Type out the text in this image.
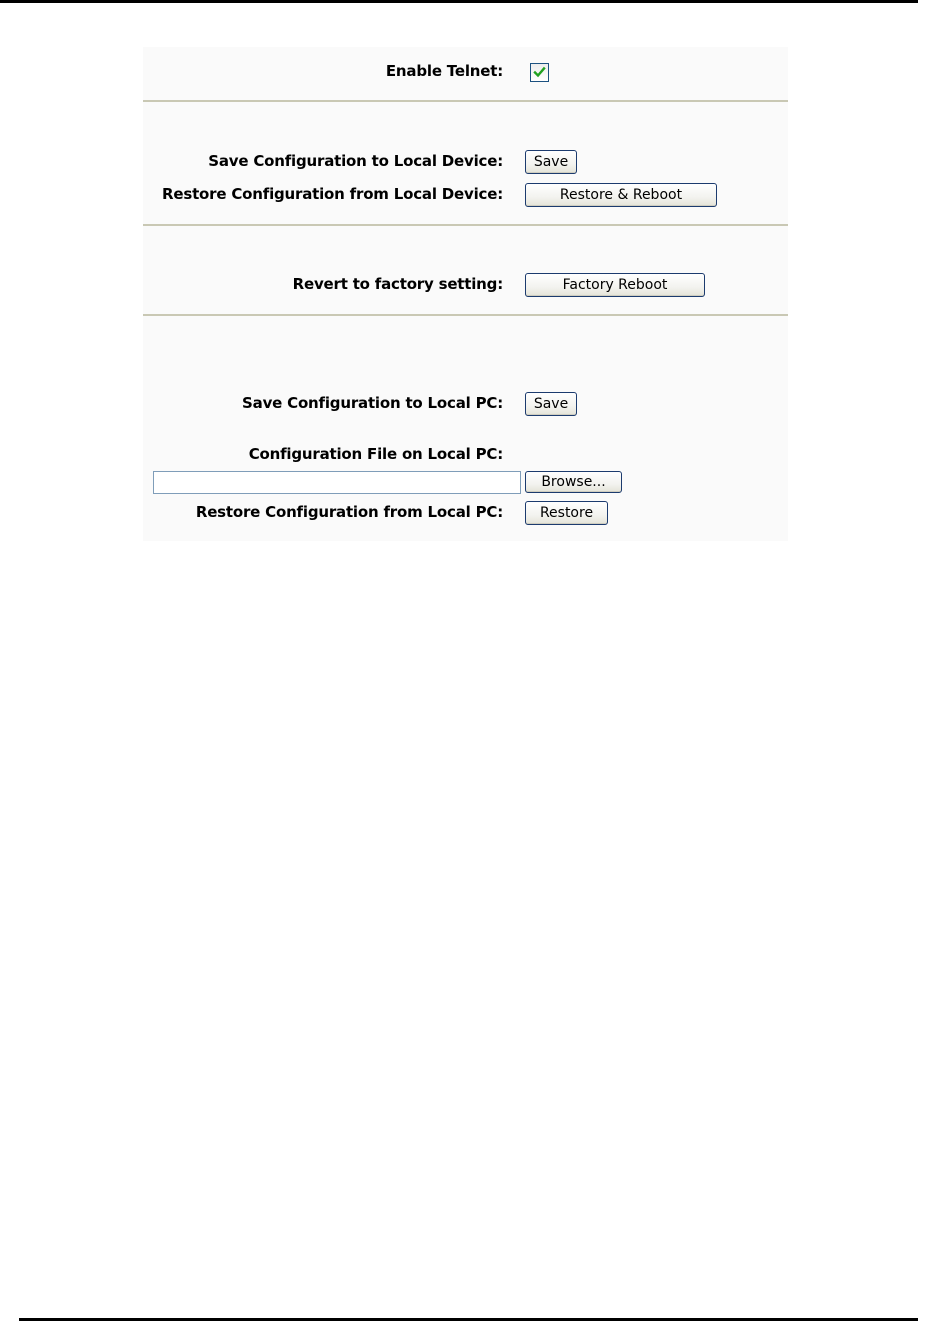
Enable Telnet:
Save Configuration to Local Device:	Save
Restore Configuration from Local Device:	Restore & Reboot
Revert to factory setting:	Factory Reboot
Save Configuration to Local PC:	Save
Configuration File on Local PC:
Browse...
Restore Configuration from Local PC:	Restore
